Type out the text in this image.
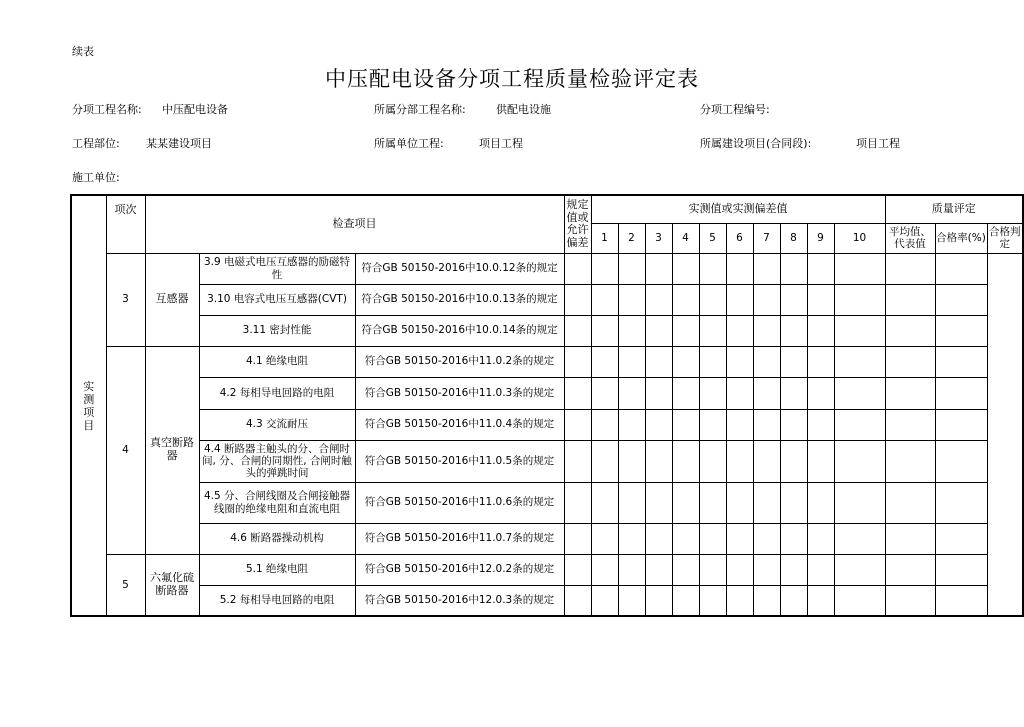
续表
中压配电设备分项工程质量检验评定表
分项工程名称: 中压配电设备	所属分部工程名称:	供配电设施	分项工程编号:
工程部位: 某某建设项目	所属单位工程:	项目工程	所属建设项目(合同段):	项目工程
施工单位:
实测项目	项次	检查项目			规定值或允许偏差	实测值或实测偏差值										质量评定		
						1	2	3	4	5	6	7	8	9	10	平均值、代表值	合格率(%)	合格判定
	3	互感器	3.9 电磁式电压互感器的励磁特性	符合GB 50150-2016中10.0.12条的规定														
			3.10 电容式电压互感器(CVT)	符合GB 50150-2016中10.0.13条的规定														
			3.11 密封性能	符合GB 50150-2016中10.0.14条的规定														
	4	真空断路器	4.1 绝缘电阻	符合GB 50150-2016中11.0.2条的规定														
			4.2 每相导电回路的电阻	符合GB 50150-2016中11.0.3条的规定														
			4.3 交流耐压	符合GB 50150-2016中11.0.4条的规定														
			4.4 断路器主触头的分、合闸时间, 分、合闸的同期性, 合闸时触头的弹跳时间	符合GB 50150-2016中11.0.5条的规定														
			4.5 分、合闸线圈及合闸接触器线圈的绝缘电阻和直流电阻	符合GB 50150-2016中11.0.6条的规定														
			4.6 断路器操动机构	符合GB 50150-2016中11.0.7条的规定														
	5	六氟化硫断路器	5.1 绝缘电阻	符合GB 50150-2016中12.0.2条的规定														
			5.2 每相导电回路的电阻	符合GB 50150-2016中12.0.3条的规定														
